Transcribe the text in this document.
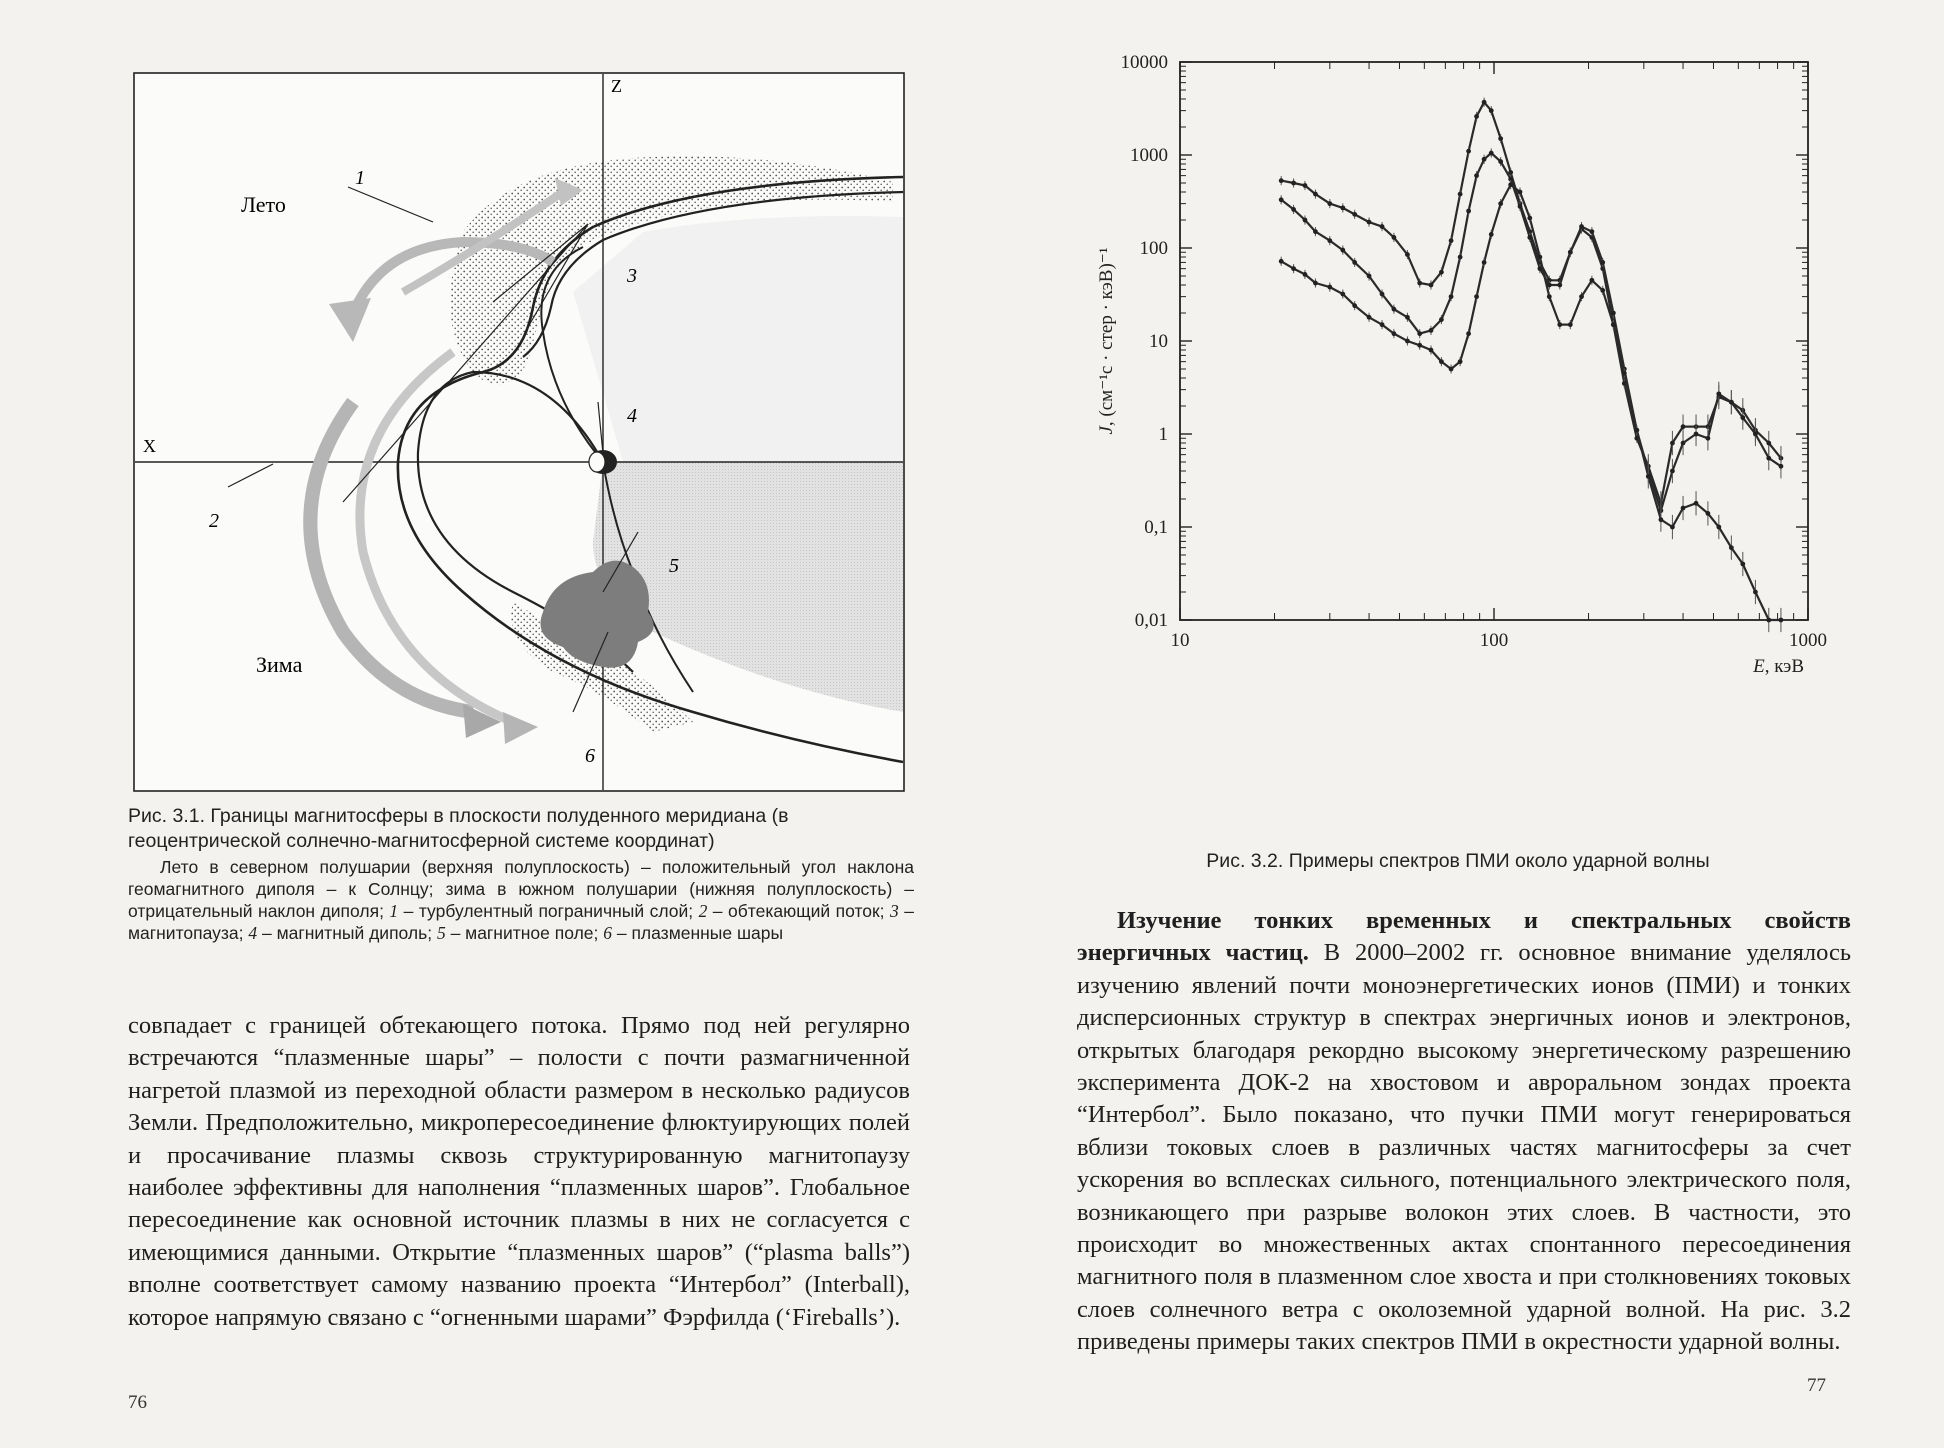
Z
X
Лето
Зима
1
2
3
4
5
6

Рис. 3.1. Границы магнитосферы в плоскости полуденного меридиана (в геоцентрической солнечно-магнитосферной системе координат)

Лето в северном полушарии (верхняя полуплоскость) – положительный угол наклона геомагнитного диполя – к Солнцу; зима в южном полушарии (нижняя полуплоскость) – отрицательный наклон диполя; 1 – турбулентный пограничный слой; 2 – обтекающий поток; 3 – магнитопауза; 4 – магнитный диполь; 5 – магнитное поле; 6 – плазменные шары

совпадает с границей обтекающего потока. Прямо под ней регулярно встречаются “плазменные шары” – полости с почти размагниченной нагретой плазмой из переходной области размером в несколько радиусов Земли. Предположительно, микропересоединение флюктуирующих полей и просачивание плазмы сквозь структурированную магнитопаузу наиболее эффективны для наполнения “плазменных шаров”. Глобальное пересоединение как основной источник плазмы в них не согласуется с имеющимися данными. Открытие “плазменных шаров” (“plasma balls”) вполне соответствует самому названию проекта “Интербол” (Interball), которое напрямую связано с “огненными шарами” Фэрфилда (‘Fireballs’).

76
0,01
0,1
1
10
100
1000
10000
10	100	1000
E, кэВ
J, (см⁻¹с · стер · кэВ)⁻¹
Рис. 3.2. Примеры спектров ПМИ около ударной волны

Изучение тонких временных и спектральных свойств энергичных частиц. В 2000–2002 гг. основное внимание уделялось изучению явлений почти моноэнергетических ионов (ПМИ) и тонких дисперсионных структур в спектрах энергичных ионов и электронов, открытых благодаря рекордно высокому энергетическому разрешению эксперимента ДОК-2 на хвостовом и авроральном зондах проекта “Интербол”. Было показано, что пучки ПМИ могут генерироваться вблизи токовых слоев в различных частях магнитосферы за счет ускорения во всплесках сильного, потенциального электрического поля, возникающего при разрыве волокон этих слоев. В частности, это происходит во множественных актах спонтанного пересоединения магнитного поля в плазменном слое хвоста и при столкновениях токовых слоев солнечного ветра с околоземной ударной волной. На рис. 3.2 приведены примеры таких спектров ПМИ в окрестности ударной волны.

77
